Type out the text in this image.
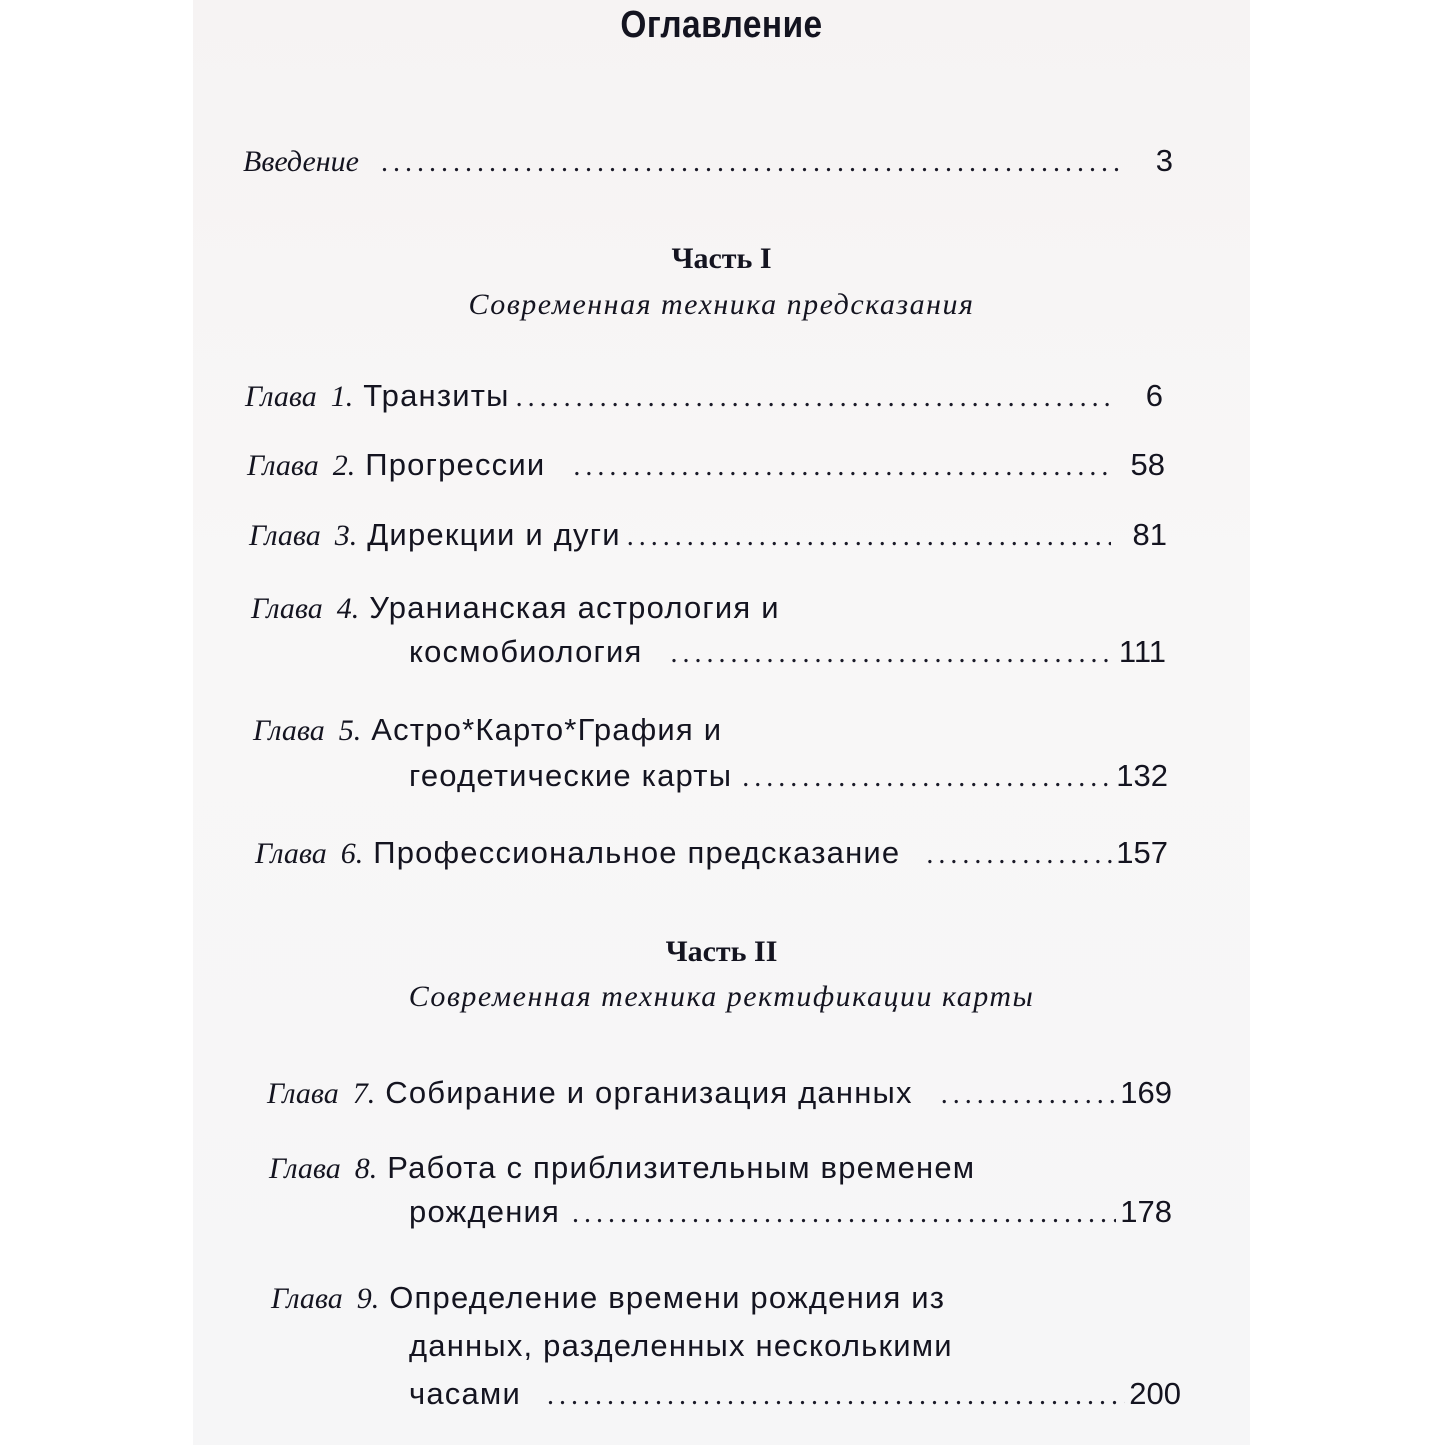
Оглавление
Введение . . .	3
Часть I
Современная техника предсказания
Глава 1. Транзиты . . .	6
Глава 2. Прогрессии . . .	58
Глава 3. Дирекции и дуги . . .	81
Глава 4. Уранианская астрология и
космобиология . . .	111
Глава 5. Астро*Карто*Графия и
геодетические карты . . .	132
Глава 6. Профессиональное предсказание . . .	157
Часть II
Современная техника ректификации карты
Глава 7. Собирание и организация данных . . .	169
Глава 8. Работа с приблизительным временем
рождения . . .	178
Глава 9. Определение времени рождения из
данных, разделенных несколькими
часами . . .	200
